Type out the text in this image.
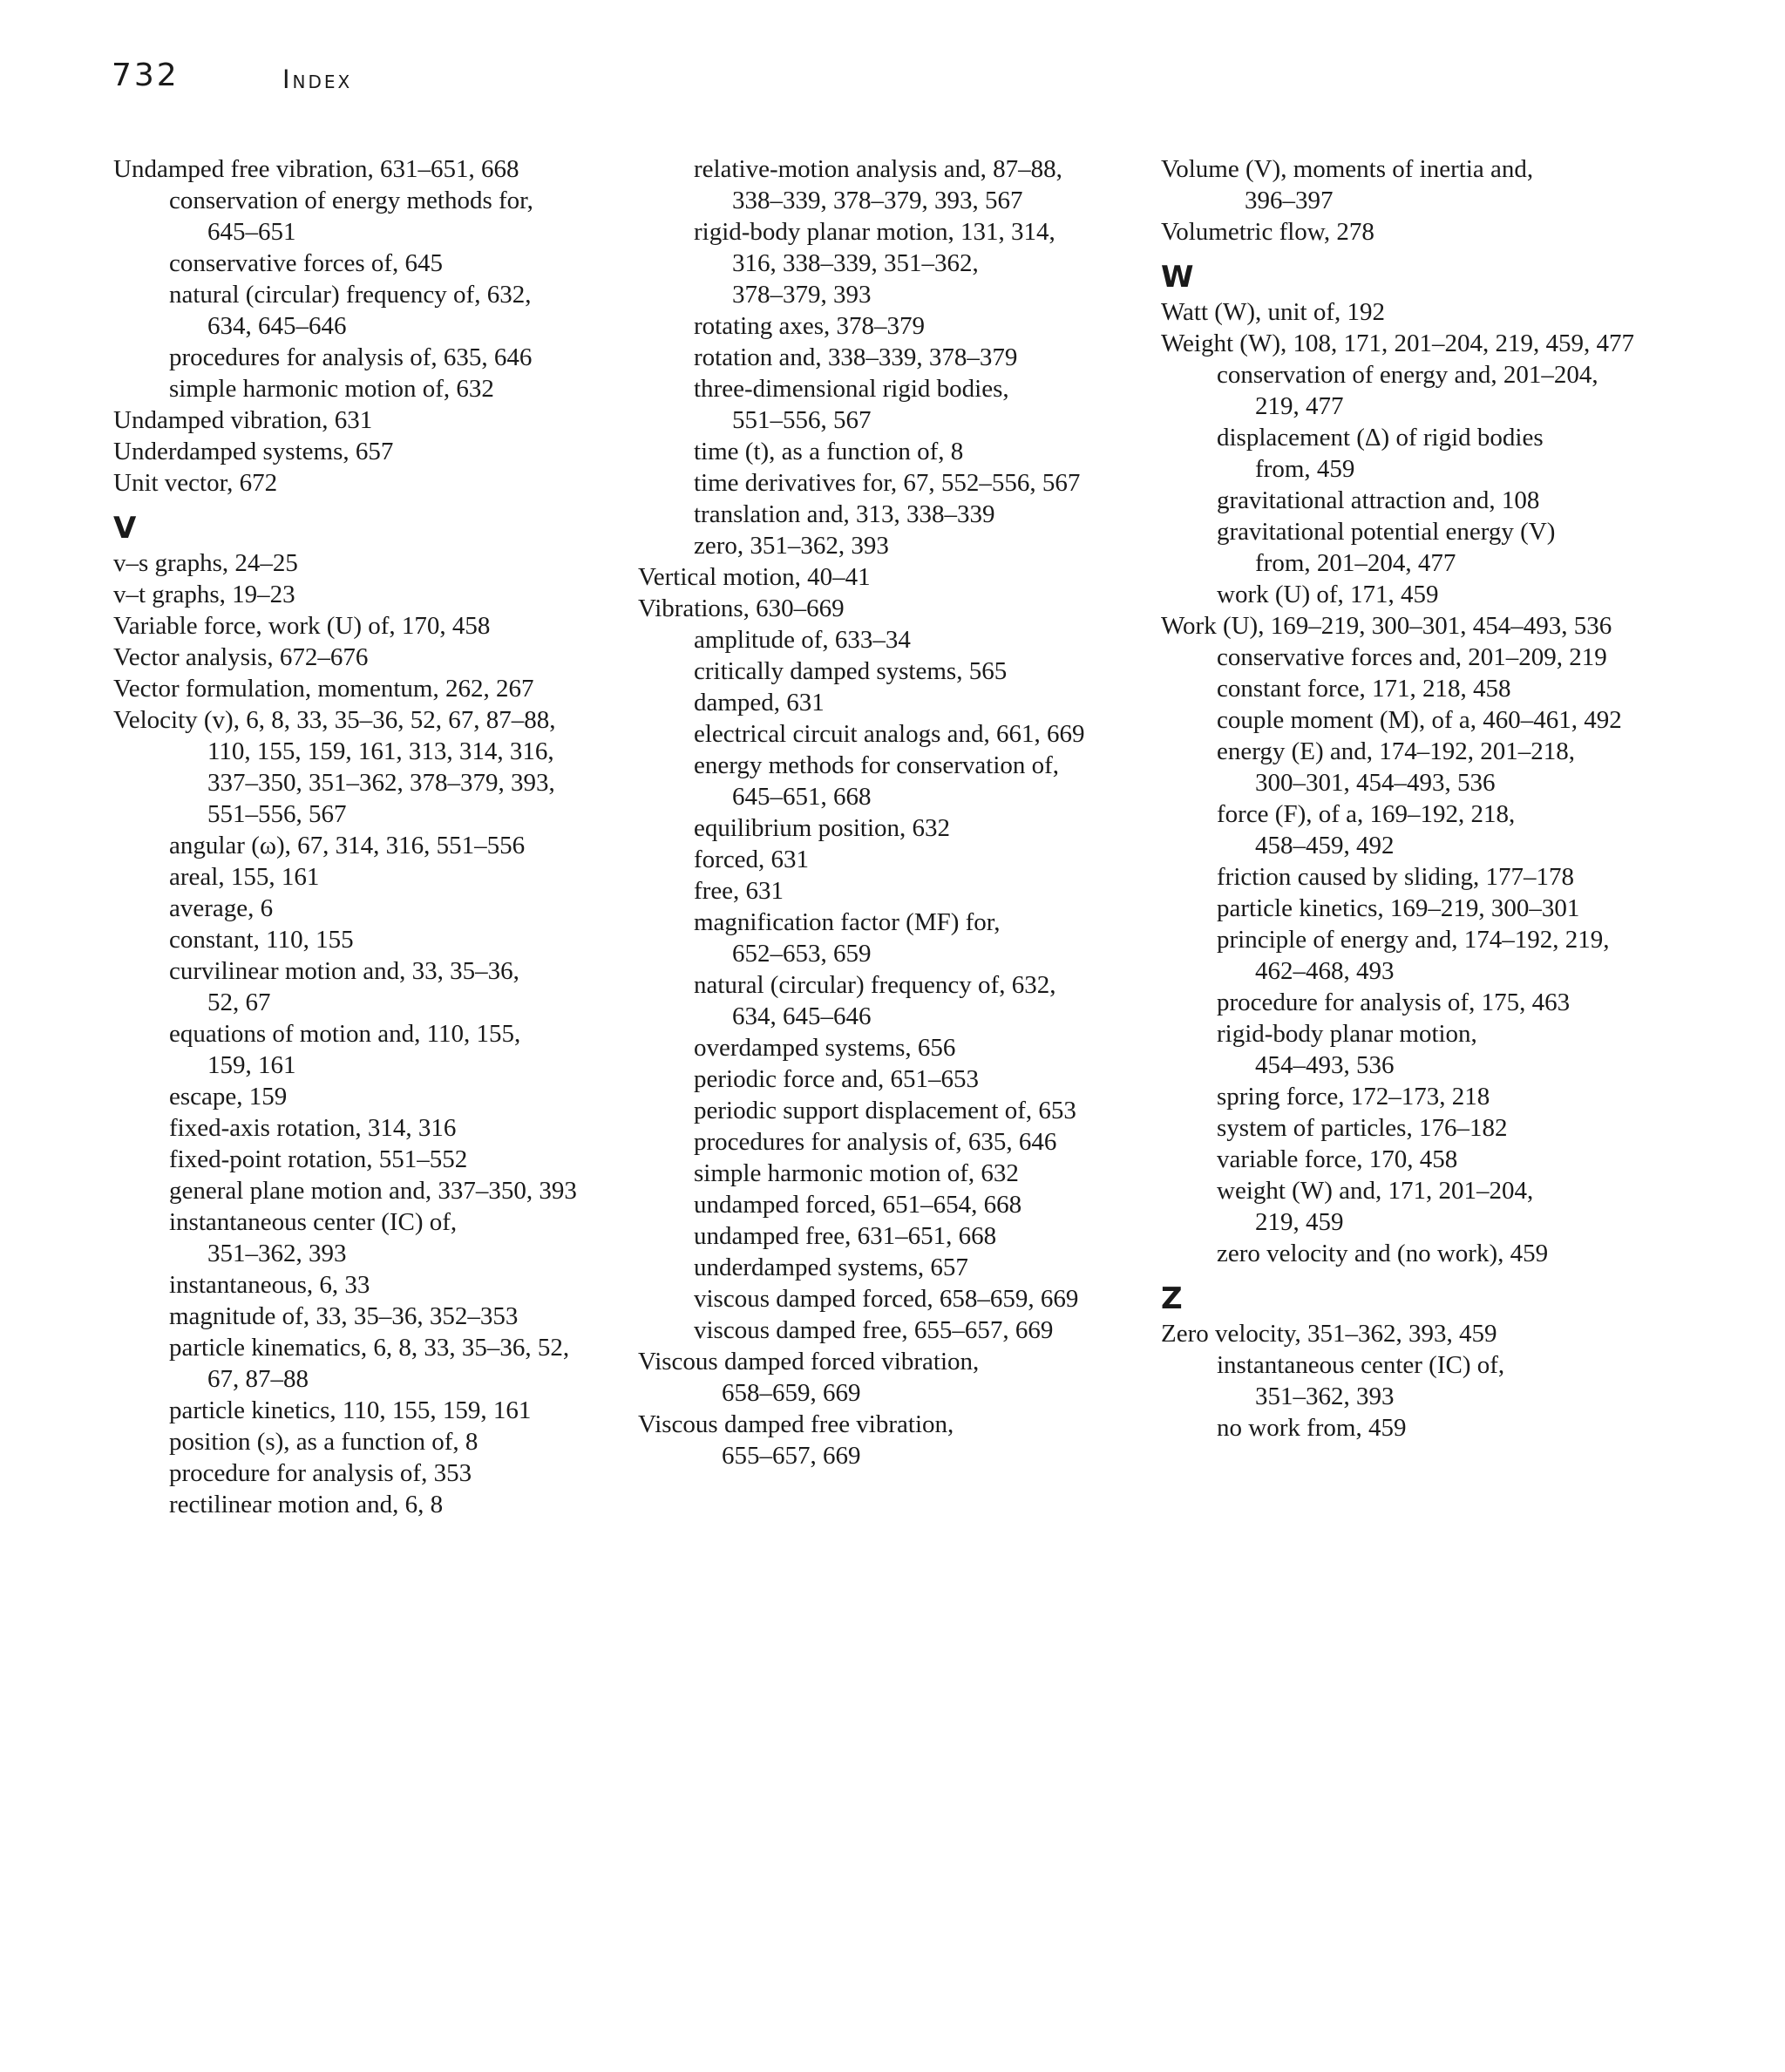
732	Index
Undamped free vibration, 631–651, 668
conservation of energy methods for,
645–651
conservative forces of, 645
natural (circular) frequency of, 632,
634, 645–646
procedures for analysis of, 635, 646
simple harmonic motion of, 632
Undamped vibration, 631
Underdamped systems, 657
Unit vector, 672
V
v–s graphs, 24–25
v–t graphs, 19–23
Variable force, work (U) of, 170, 458
Vector analysis, 672–676
Vector formulation, momentum, 262, 267
Velocity (v), 6, 8, 33, 35–36, 52, 67, 87–88,
110, 155, 159, 161, 313, 314, 316,
337–350, 351–362, 378–379, 393,
551–556, 567
angular (ω), 67, 314, 316, 551–556
areal, 155, 161
average, 6
constant, 110, 155
curvilinear motion and, 33, 35–36,
52, 67
equations of motion and, 110, 155,
159, 161
escape, 159
fixed-axis rotation, 314, 316
fixed-point rotation, 551–552
general plane motion and, 337–350, 393
instantaneous center (IC) of,
351–362, 393
instantaneous, 6, 33
magnitude of, 33, 35–36, 352–353
particle kinematics, 6, 8, 33, 35–36, 52,
67, 87–88
particle kinetics, 110, 155, 159, 161
position (s), as a function of, 8
procedure for analysis of, 353
rectilinear motion and, 6, 8
relative-motion analysis and, 87–88,
338–339, 378–379, 393, 567
rigid-body planar motion, 131, 314,
316, 338–339, 351–362,
378–379, 393
rotating axes, 378–379
rotation and, 338–339, 378–379
three-dimensional rigid bodies,
551–556, 567
time (t), as a function of, 8
time derivatives for, 67, 552–556, 567
translation and, 313, 338–339
zero, 351–362, 393
Vertical motion, 40–41
Vibrations, 630–669
amplitude of, 633–34
critically damped systems, 565
damped, 631
electrical circuit analogs and, 661, 669
energy methods for conservation of,
645–651, 668
equilibrium position, 632
forced, 631
free, 631
magnification factor (MF) for,
652–653, 659
natural (circular) frequency of, 632,
634, 645–646
overdamped systems, 656
periodic force and, 651–653
periodic support displacement of, 653
procedures for analysis of, 635, 646
simple harmonic motion of, 632
undamped forced, 651–654, 668
undamped free, 631–651, 668
underdamped systems, 657
viscous damped forced, 658–659, 669
viscous damped free, 655–657, 669
Viscous damped forced vibration,
658–659, 669
Viscous damped free vibration,
655–657, 669
Volume (V), moments of inertia and,
396–397
Volumetric flow, 278
W
Watt (W), unit of, 192
Weight (W), 108, 171, 201–204, 219, 459, 477
conservation of energy and, 201–204,
219, 477
displacement (Δ) of rigid bodies
from, 459
gravitational attraction and, 108
gravitational potential energy (V)
from, 201–204, 477
work (U) of, 171, 459
Work (U), 169–219, 300–301, 454–493, 536
conservative forces and, 201–209, 219
constant force, 171, 218, 458
couple moment (M), of a, 460–461, 492
energy (E) and, 174–192, 201–218,
300–301, 454–493, 536
force (F), of a, 169–192, 218,
458–459, 492
friction caused by sliding, 177–178
particle kinetics, 169–219, 300–301
principle of energy and, 174–192, 219,
462–468, 493
procedure for analysis of, 175, 463
rigid-body planar motion,
454–493, 536
spring force, 172–173, 218
system of particles, 176–182
variable force, 170, 458
weight (W) and, 171, 201–204,
219, 459
zero velocity and (no work), 459
Z
Zero velocity, 351–362, 393, 459
instantaneous center (IC) of,
351–362, 393
no work from, 459
